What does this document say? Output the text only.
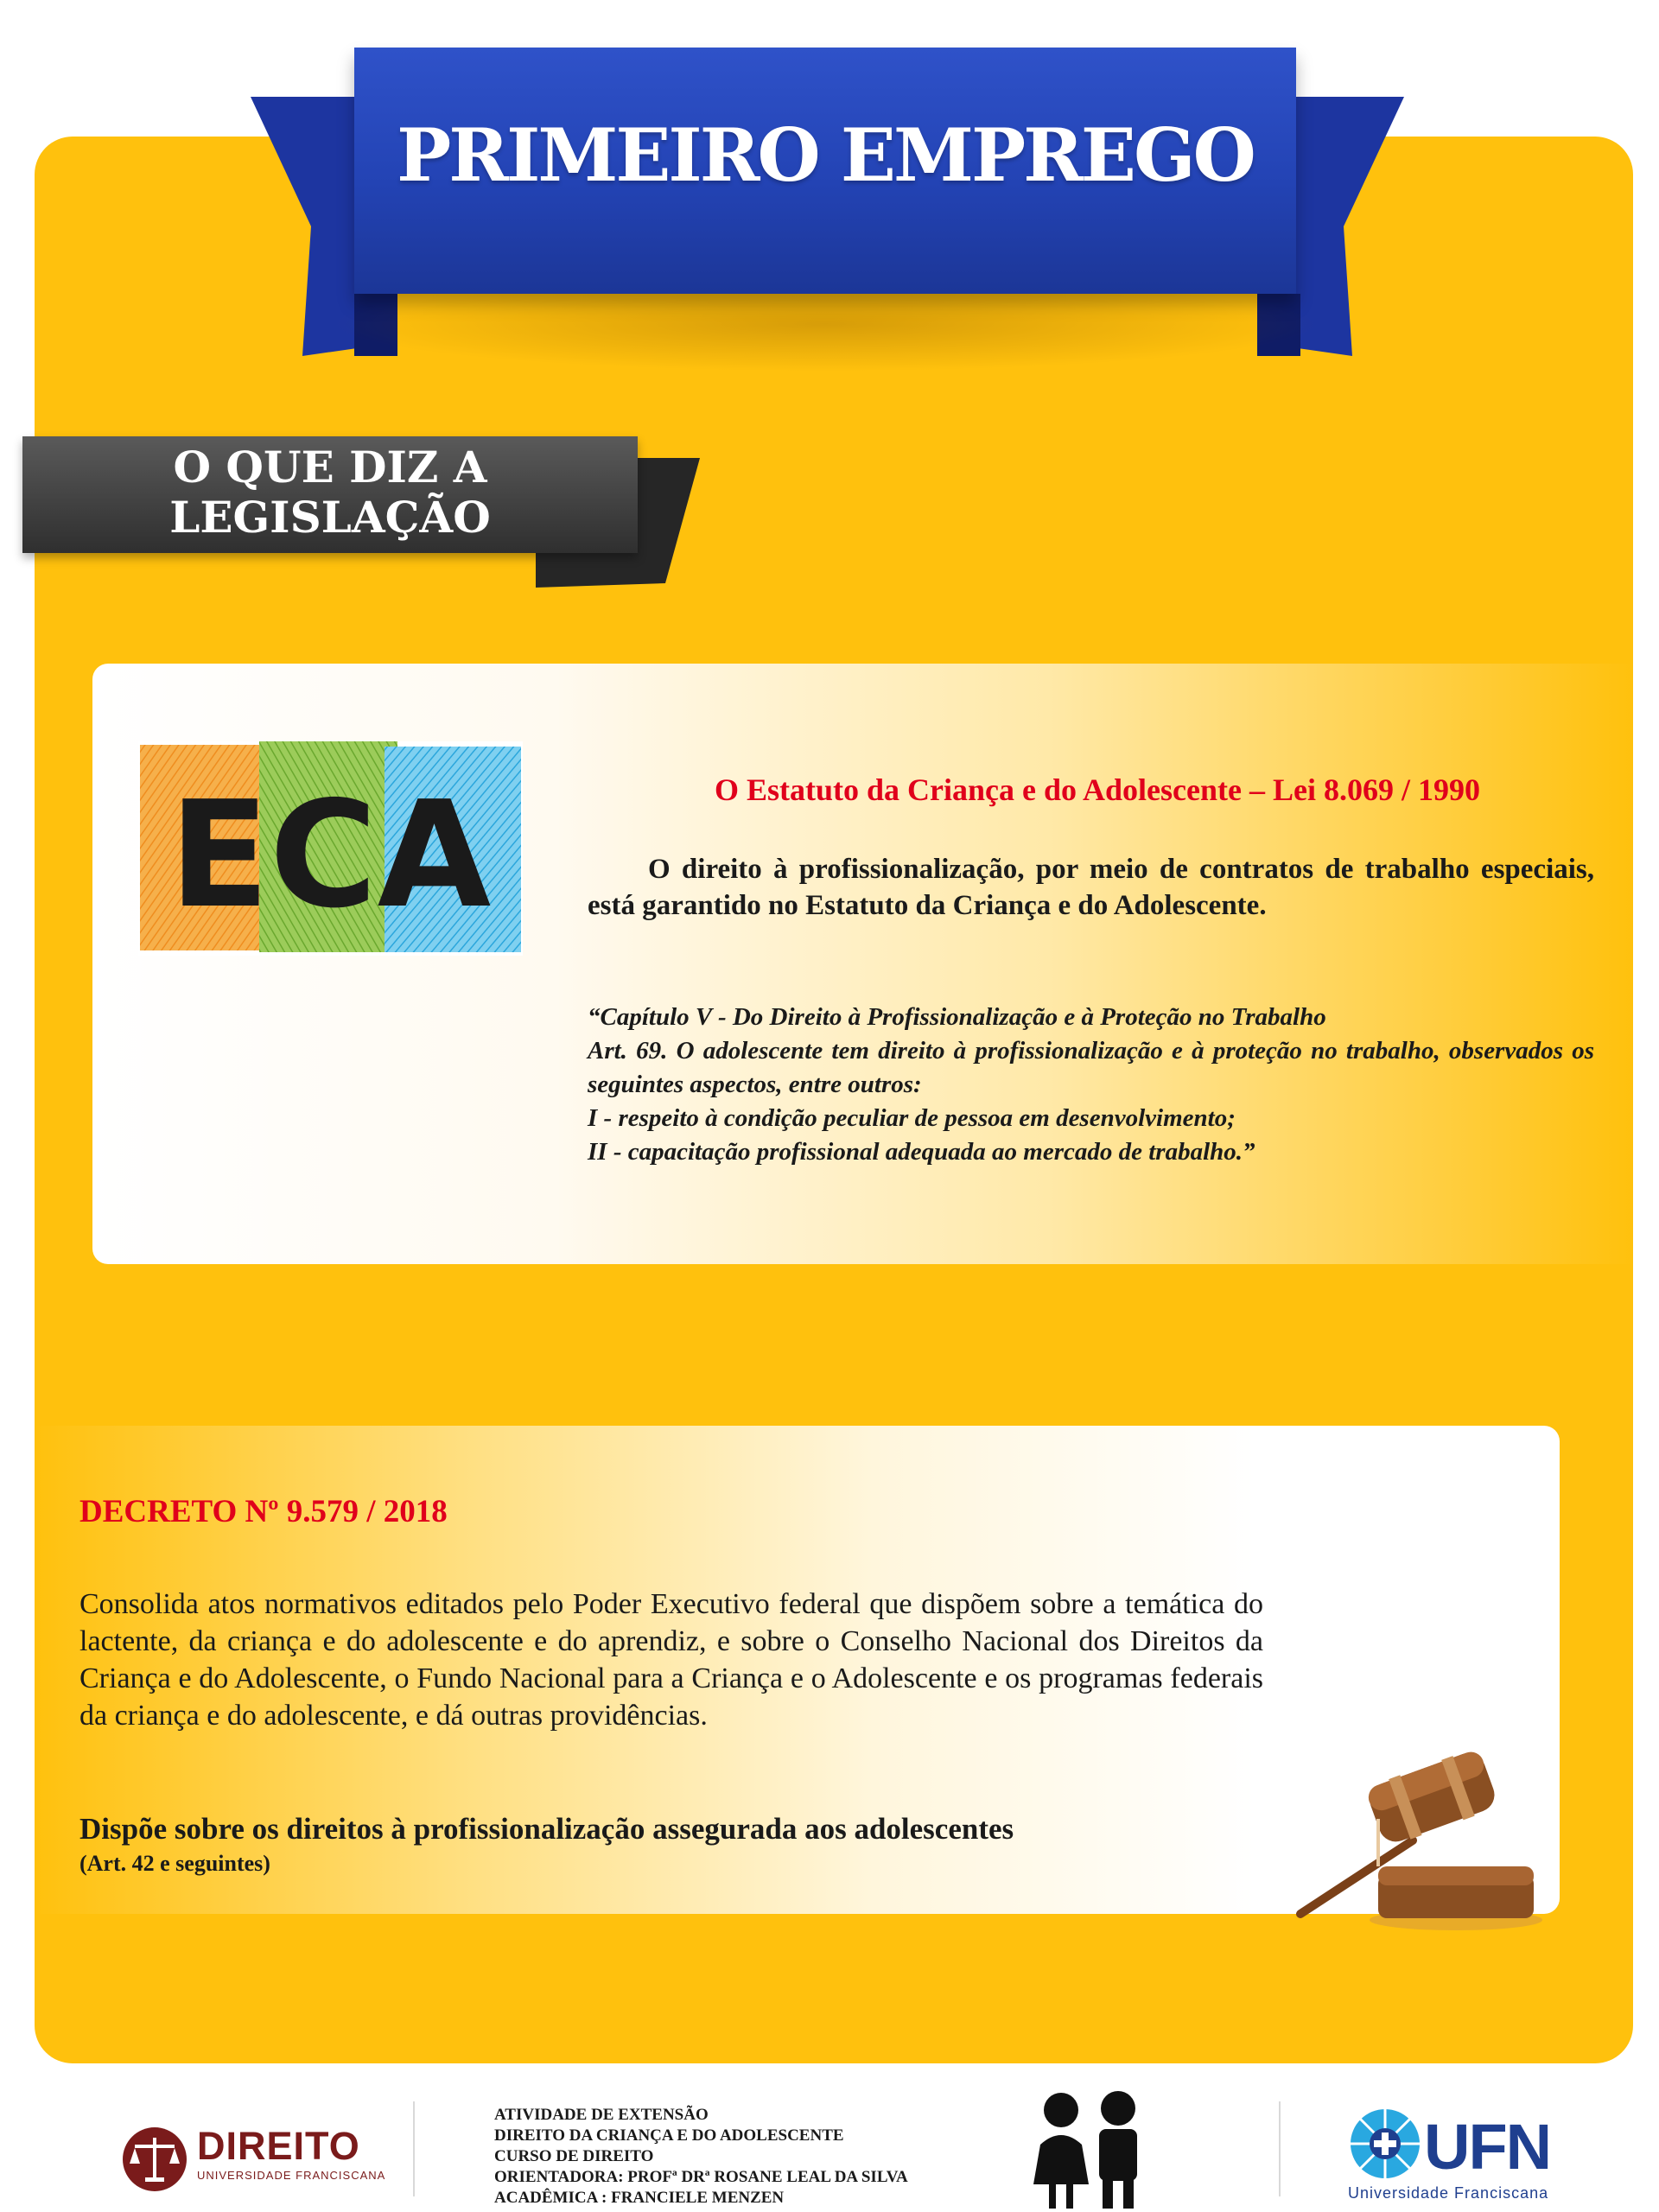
PRIMEIRO EMPREGO
O QUE DIZ A
LEGISLAÇÃO
ECA	O Estatuto da Criança e do Adolescente – Lei 8.069 / 1990
O direito à profissionalização, por meio de contratos de trabalho especiais, está garantido no Estatuto da Criança e do Adolescente.
“Capítulo V - Do Direito à Profissionalização e à Proteção no Trabalho
Art. 69. O adolescente tem direito à profissionalização e à proteção no trabalho, observados os seguintes aspectos, entre outros:
I - respeito à condição peculiar de pessoa em desenvolvimento;
II - capacitação profissional adequada ao mercado de trabalho.”
DECRETO Nº 9.579 / 2018
Consolida atos normativos editados pelo Poder Executivo federal que dispõem sobre a temática do lactente, da criança e do adolescente e do aprendiz, e sobre o Conselho Nacional dos Direitos da Criança e do Adolescente, o Fundo Nacional para a Criança e o Adolescente e os programas federais da criança e do adolescente, e dá outras providências.
Dispõe sobre os direitos à profissionalização assegurada aos adolescentes
(Art. 42 e seguintes)
DIREITO
UNIVERSIDADE FRANCISCANA
ATIVIDADE DE EXTENSÃO
DIREITO DA CRIANÇA E DO ADOLESCENTE
CURSO DE DIREITO
ORIENTADORA: PROFª DRª ROSANE LEAL DA SILVA
ACADÊMICA : FRANCIELE MENZEN
UFN
Universidade Franciscana
